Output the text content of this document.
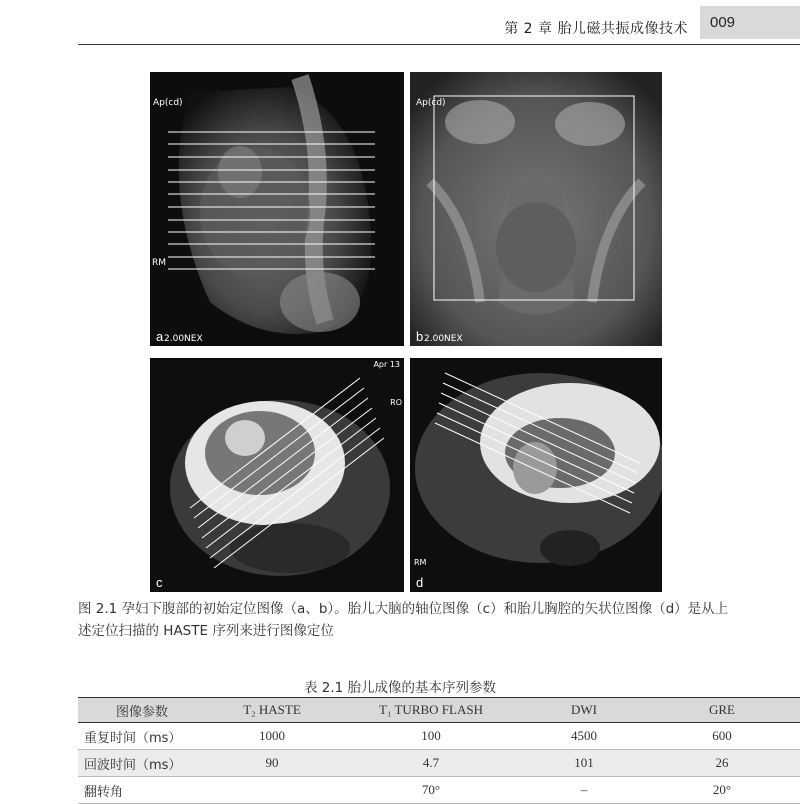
第 2 章 胎儿磁共振成像技术	009
Ap(cd)
RM
2.00NEX
a
Ap(cd)
2.00NEX
b
Apr 13
RO
c
RM
d
图 2.1 孕妇下腹部的初始定位图像（a、b）。胎儿大脑的轴位图像（c）和胎儿胸腔的矢状位图像（d）是从上述定位扫描的 HASTE 序列来进行图像定位
表 2.1 胎儿成像的基本序列参数
图像参数	T₂ HASTE	T₁ TURBO FLASH	DWI	GRE
重复时间（ms）	1000	100	4500	600
回波时间（ms）	90	4.7	101	26
翻转角		70°	–	20°
